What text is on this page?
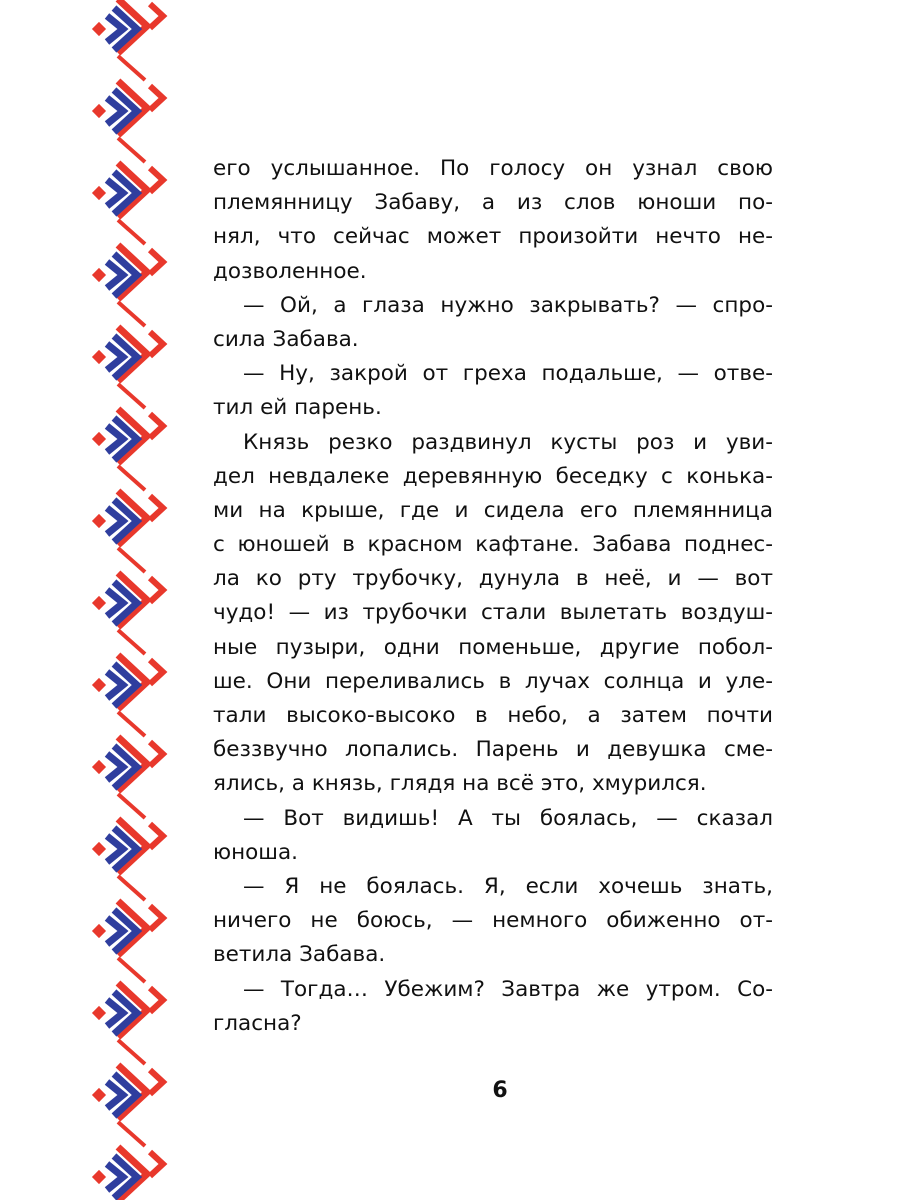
его услышанное. По голосу он узнал свою
племянницу Забаву, а из слов юноши по-
нял, что сейчас может произойти нечто не-
дозволенное.
— Ой, а глаза нужно закрывать? — спро-
сила Забава.
— Ну, закрой от греха подальше, — отве-
тил ей парень.
Князь резко раздвинул кусты роз и уви-
дел невдалеке деревянную беседку с конька-
ми на крыше, где и сидела его племянница
с юношей в красном кафтане. Забава поднес-
ла ко рту трубочку, дунула в неё, и — вот
чудо! — из трубочки стали вылетать воздуш-
ные пузыри, одни поменьше, другие побол-
ше. Они переливались в лучах солнца и уле-
тали высоко-высоко в небо, а затем почти
беззвучно лопались. Парень и девушка сме-
ялись, а князь, глядя на всё это, хмурился.
— Вот видишь! А ты боялась, — сказал
юноша.
— Я не боялась. Я, если хочешь знать,
ничего не боюсь, — немного обиженно от-
ветила Забава.
— Тогда… Убежим? Завтра же утром. Со-
гласна?
6
